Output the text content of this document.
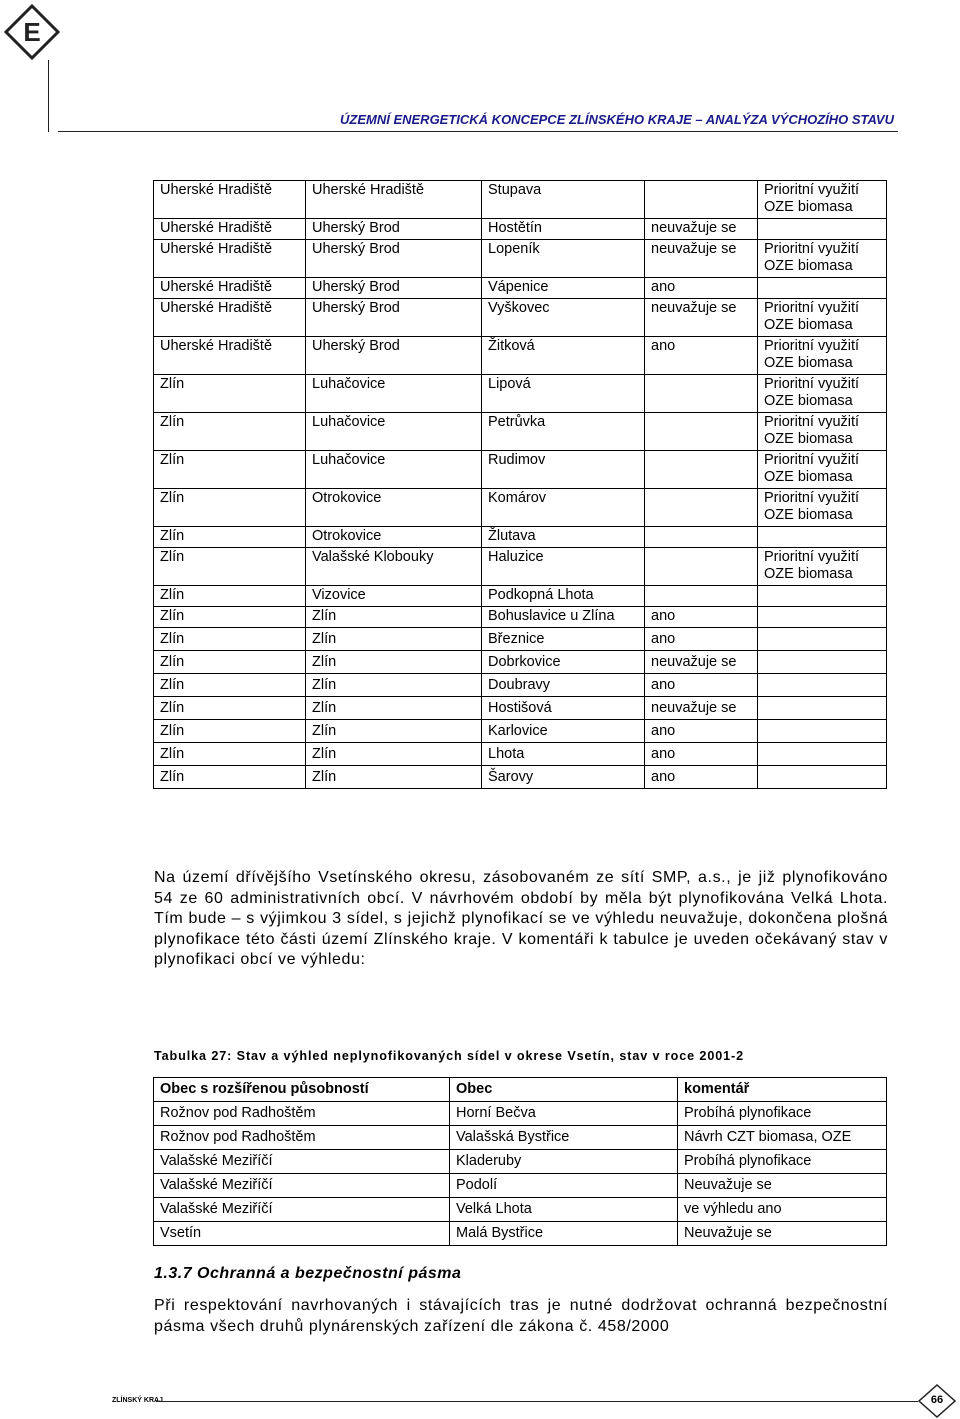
E
ÚZEMNÍ ENERGETICKÁ KONCEPCE ZLÍNSKÉHO KRAJE – ANALÝZA VÝCHOZÍHO STAVU
Uherské Hradiště	Uherské Hradiště	Stupava		Prioritní využití OZE biomasa
Uherské Hradiště	Uherský Brod	Hostětín	neuvažuje se	
Uherské Hradiště	Uherský Brod	Lopeník	neuvažuje se	Prioritní využití OZE biomasa
Uherské Hradiště	Uherský Brod	Vápenice	ano	
Uherské Hradiště	Uherský Brod	Vyškovec	neuvažuje se	Prioritní využití OZE biomasa
Uherské Hradiště	Uherský Brod	Žitková	ano	Prioritní využití OZE biomasa
Zlín	Luhačovice	Lipová		Prioritní využití OZE biomasa
Zlín	Luhačovice	Petrůvka		Prioritní využití OZE biomasa
Zlín	Luhačovice	Rudimov		Prioritní využití OZE biomasa
Zlín	Otrokovice	Komárov		Prioritní využití OZE biomasa
Zlín	Otrokovice	Žlutava		
Zlín	Valašské Klobouky	Haluzice		Prioritní využití OZE biomasa
Zlín	Vizovice	Podkopná Lhota		
Zlín	Zlín	Bohuslavice u Zlína	ano	
Zlín	Zlín	Březnice	ano	
Zlín	Zlín	Dobrkovice	neuvažuje se	
Zlín	Zlín	Doubravy	ano	
Zlín	Zlín	Hostišová	neuvažuje se	
Zlín	Zlín	Karlovice	ano	
Zlín	Zlín	Lhota	ano	
Zlín	Zlín	Šarovy	ano	
Na území dřívějšího Vsetínského okresu, zásobovaném ze sítí SMP, a.s., je již plynofikováno 54 ze 60 administrativních obcí. V návrhovém období by měla být plynofikována Velká Lhota. Tím bude – s výjimkou 3 sídel, s jejichž plynofikací se ve výhledu neuvažuje, dokončena plošná plynofikace této části území Zlínského kraje. V komentáři k tabulce je uveden očekávaný stav v plynofikaci obcí ve výhledu:
Tabulka 27: Stav a výhled neplynofikovaných sídel v okrese Vsetín, stav v roce 2001-2
Obec s rozšířenou působností	Obec	komentář
Rožnov pod Radhoštěm	Horní Bečva	Probíhá plynofikace
Rožnov pod Radhoštěm	Valašská Bystřice	Návrh CZT biomasa, OZE
Valašské Meziříčí	Kladeruby	Probíhá plynofikace
Valašské Meziříčí	Podolí	Neuvažuje se
Valašské Meziříčí	Velká Lhota	ve výhledu ano
Vsetín	Malá Bystřice	Neuvažuje se
1.3.7 Ochranná a bezpečnostní pásma
Při respektování navrhovaných i stávajících tras je nutné dodržovat ochranná bezpečnostní pásma všech druhů plynárenských zařízení dle zákona č. 458/2000
ZLÍNSKÝ KRAJ	66
